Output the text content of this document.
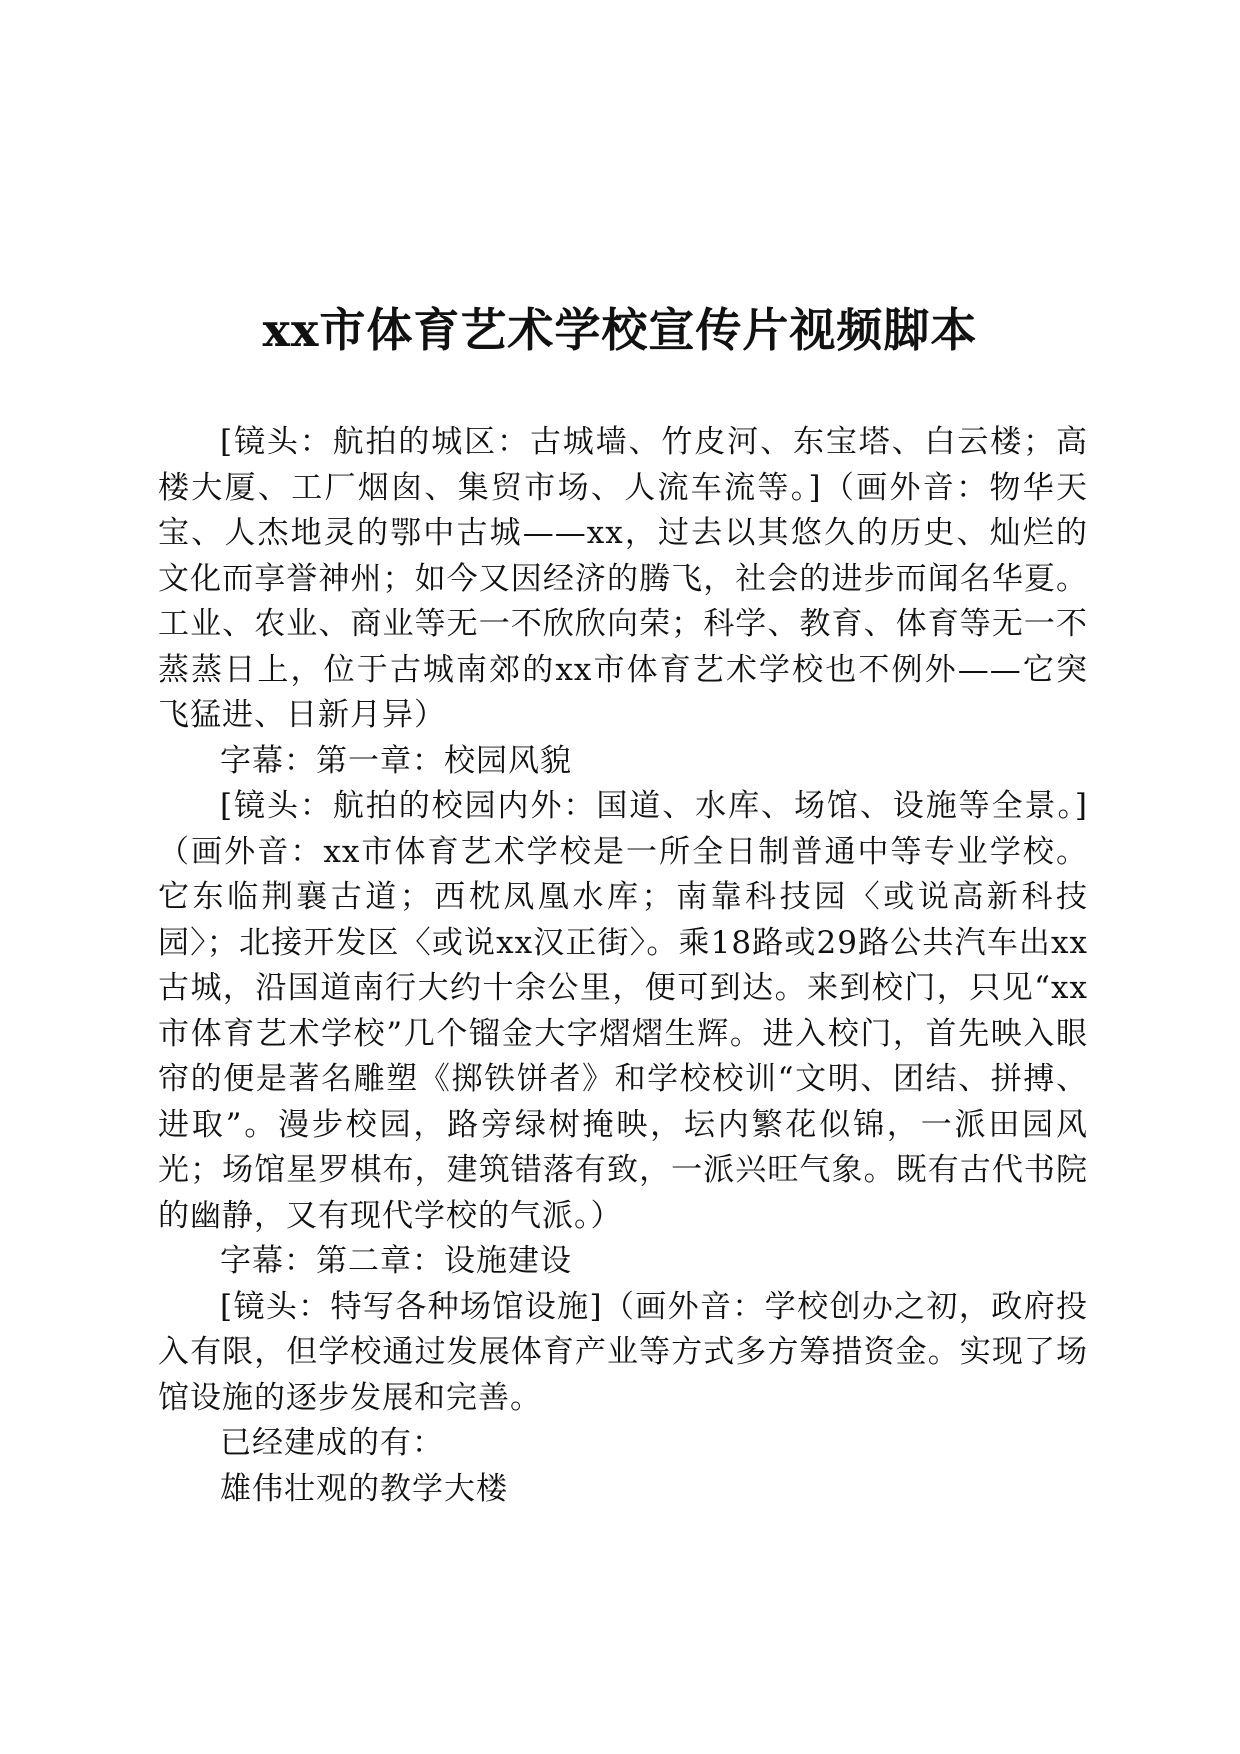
xx市体育艺术学校宣传片视频脚本

[镜头：航拍的城区：古城墙、竹皮河、东宝塔、白云楼；高楼大厦、工厂烟囱、集贸市场、人流车流等。]（画外音：物华天宝、人杰地灵的鄂中古城——xx，过去以其悠久的历史、灿烂的文化而享誉神州；如今又因经济的腾飞，社会的进步而闻名华夏。工业、农业、商业等无一不欣欣向荣；科学、教育、体育等无一不蒸蒸日上，位于古城南郊的xx市体育艺术学校也不例外——它突飞猛进、日新月异）

字幕：第一章：校园风貌

[镜头：航拍的校园内外：国道、水库、场馆、设施等全景。]（画外音：xx市体育艺术学校是一所全日制普通中等专业学校。它东临荆襄古道；西枕凤凰水库；南靠科技园〈或说高新科技园〉；北接开发区〈或说xx汉正街〉。乘18路或29路公共汽车出xx古城，沿国道南行大约十余公里，便可到达。来到校门，只见“xx市体育艺术学校”几个镏金大字熠熠生辉。进入校门，首先映入眼帘的便是著名雕塑《掷铁饼者》和学校校训“文明、团结、拼搏、进取”。漫步校园，路旁绿树掩映，坛内繁花似锦，一派田园风光；场馆星罗棋布，建筑错落有致，一派兴旺气象。既有古代书院的幽静，又有现代学校的气派。）

字幕：第二章：设施建设

[镜头：特写各种场馆设施]（画外音：学校创办之初，政府投入有限，但学校通过发展体育产业等方式多方筹措资金。实现了场馆设施的逐步发展和完善。

已经建成的有：

雄伟壮观的教学大楼
